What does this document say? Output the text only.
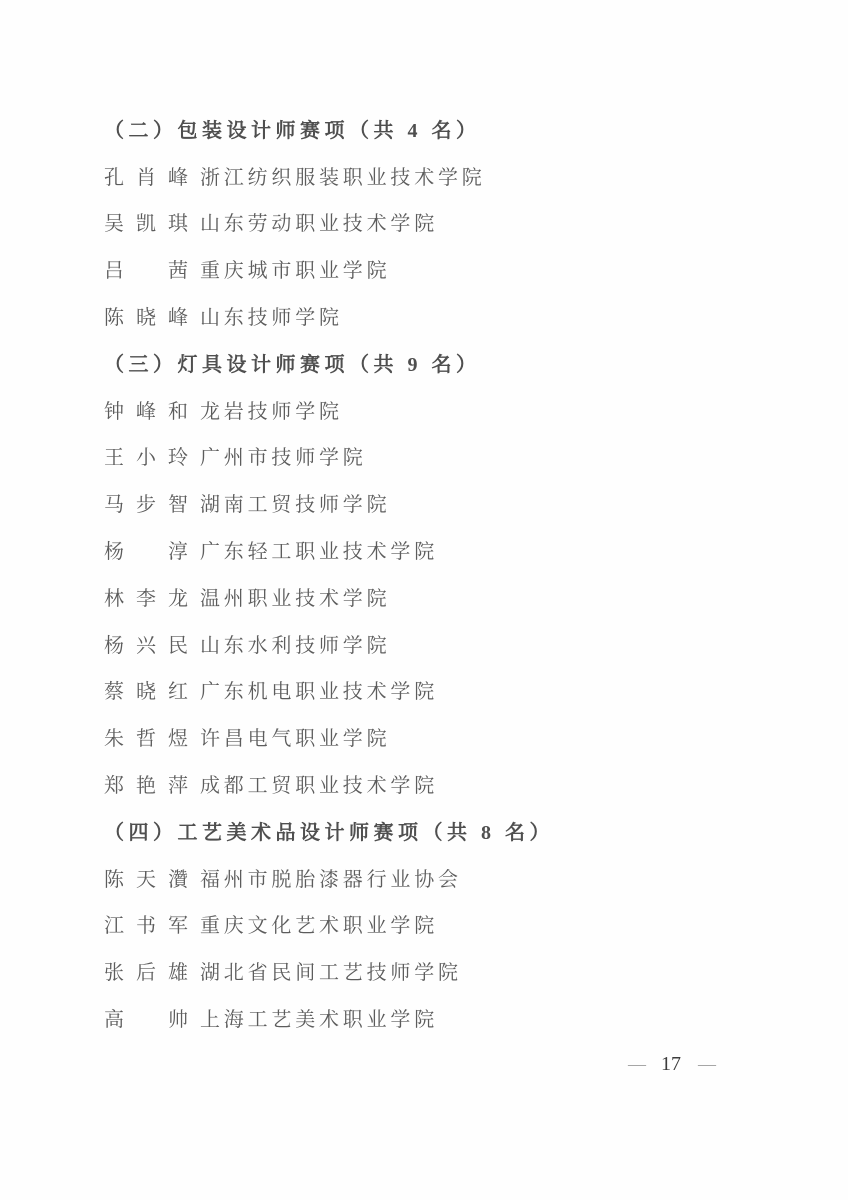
（二）包装设计师赛项（共 4 名）
孔肖峰 浙江纺织服装职业技术学院
吴凯琪 山东劳动职业技术学院
吕　茜 重庆城市职业学院
陈晓峰 山东技师学院
（三）灯具设计师赛项（共 9 名）
钟峰和 龙岩技师学院
王小玲 广州市技师学院
马步智 湖南工贸技师学院
杨　淳 广东轻工职业技术学院
林李龙 温州职业技术学院
杨兴民 山东水利技师学院
蔡晓红 广东机电职业技术学院
朱哲煜 许昌电气职业学院
郑艳萍 成都工贸职业技术学院
（四）工艺美术品设计师赛项（共 8 名）
陈天灒 福州市脱胎漆器行业协会
江书军 重庆文化艺术职业学院
张后雄 湖北省民间工艺技师学院
高　帅 上海工艺美术职业学院
— 17 —
